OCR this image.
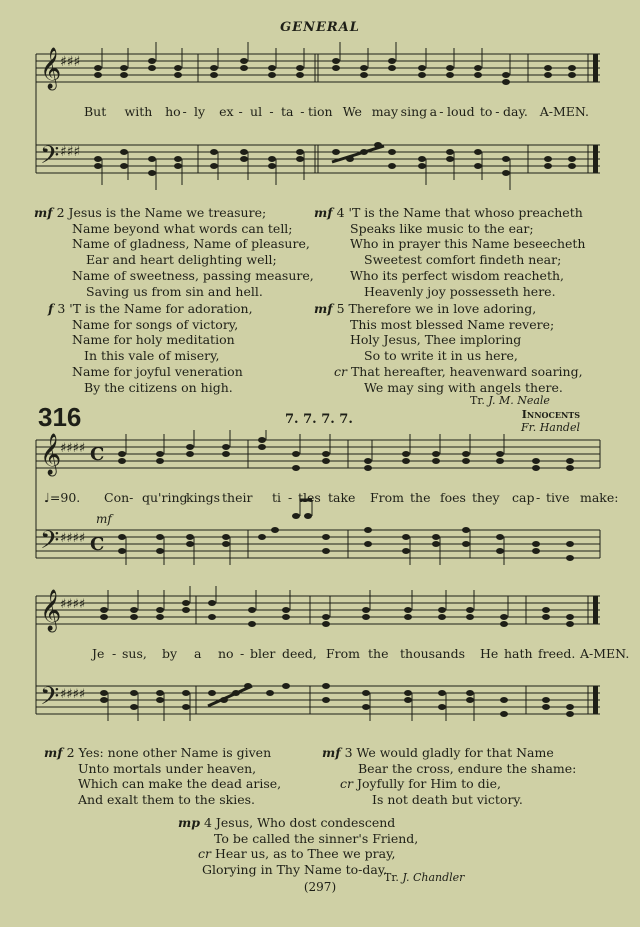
GENERAL
𝄞
𝄢
♯♯♯
♯♯♯
But	with	ho - ly	ex - ul - ta - tion We may sing a - loud to - day. A-MEN.
mf 2 Jesus is the Name we treasure;
Name beyond what words can tell;
Name of gladness, Name of pleasure,
Ear and heart delighting well;
Name of sweetness, passing measure,
Saving us from sin and hell.
f 3 'T is the Name for adoration,
Name for songs of victory,
Name for holy meditation
In this vale of misery,
Name for joyful veneration
By the citizens on high.
mf 4 'T is the Name that whoso preacheth
Speaks like music to the ear;
Who in prayer this Name beseecheth
Sweetest comfort findeth near;
Who its perfect wisdom reacheth,
Heavenly joy possesseth here.
mf 5 Therefore we in love adoring,
This most blessed Name revere;
Holy Jesus, Thee imploring
So to write it in us here,
cr That hereafter, heavenward soaring,
We may sing with angels there.
Tr. J. M. Neale
316	7. 7. 7. 7.	Innocents
Fr. Handel
𝄞
𝄢
♯♯♯♯
♯♯♯♯
C
C
♩=90.
mf
Con- qu'ring
kings their	ti - tles take	From the foes they cap - tive make:
𝄞
𝄢
♯♯♯♯
♯♯♯♯
Je - sus,	by	a	no - bler deed, From the thousands	He hath freed. A-MEN.
mf 2 Yes: none other Name is given
Unto mortals under heaven,
Which can make the dead arise,
And exalt them to the skies.
mf 3 We would gladly for that Name
Bear the cross, endure the shame:
cr Joyfully for Him to die,
Is not death but victory.
mp 4 Jesus, Who dost condescend
To be called the sinner's Friend,
cr Hear us, as to Thee we pray,
Glorying in Thy Name to-day.
Tr. J. Chandler
(297)
